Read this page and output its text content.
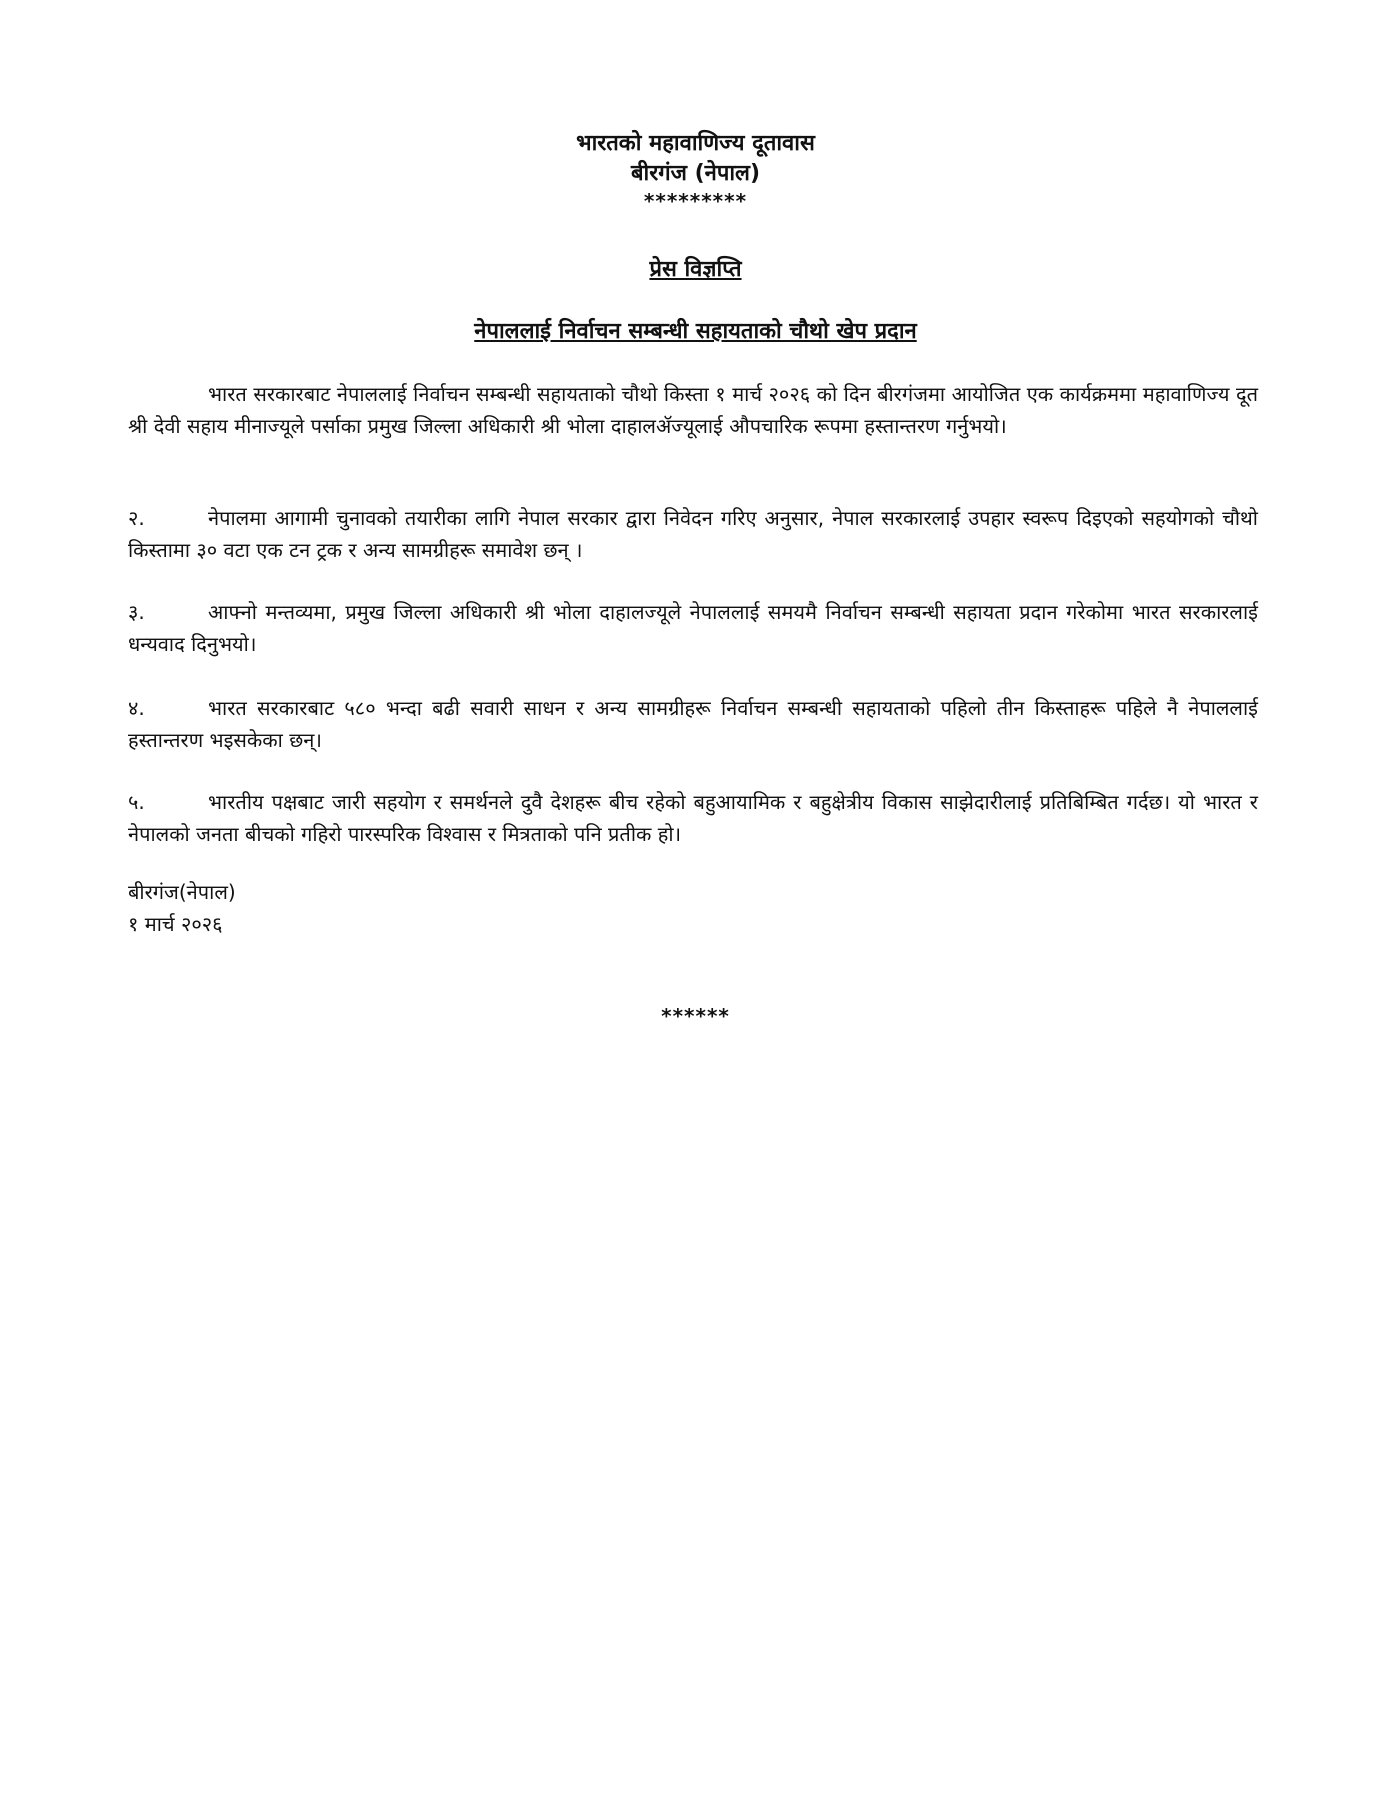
भारतको महावाणिज्य दूतावास
बीरगंज (नेपाल)
*********
प्रेस विज्ञप्ति
नेपाललाई निर्वाचन सम्बन्धी सहायताको चौथो खेप प्रदान
भारत सरकारबाट नेपाललाई निर्वाचन सम्बन्धी सहायताको चौथो किस्ता १ मार्च २०२६ को दिन बीरगंजमा आयोजित एक कार्यक्रममा महावाणिज्य दूत श्री देवी सहाय मीनाज्यूले पर्साका प्रमुख जिल्ला अधिकारी श्री भोला दाहालॲज्यूलाई औपचारिक रूपमा हस्तान्तरण गर्नुभयो।
२.	नेपालमा आगामी चुनावको तयारीका लागि नेपाल सरकार द्वारा निवेदन गरिए अनुसार, नेपाल सरकारलाई उपहार स्वरूप दिइएको सहयोगको चौथो किस्तामा ३० वटा एक टन ट्रक र अन्य सामग्रीहरू समावेश छन् ।
३.	आफ्नो मन्तव्यमा, प्रमुख जिल्ला अधिकारी श्री भोला दाहालज्यूले नेपाललाई समयमै निर्वाचन सम्बन्धी सहायता प्रदान गरेकोमा भारत सरकारलाई धन्यवाद दिनुभयो।
४.	भारत सरकारबाट ५८० भन्दा बढी सवारी साधन र अन्य सामग्रीहरू निर्वाचन सम्बन्धी सहायताको पहिलो तीन किस्ताहरू पहिले नै नेपाललाई हस्तान्तरण भइसकेका छन्।
५.	भारतीय पक्षबाट जारी सहयोग र समर्थनले दुवै देशहरू बीच रहेको बहुआयामिक र बहुक्षेत्रीय विकास साझेदारीलाई प्रतिबिम्बित गर्दछ। यो भारत र नेपालको जनता बीचको गहिरो पारस्परिक विश्वास र मित्रताको पनि प्रतीक हो।
बीरगंज(नेपाल)
१ मार्च २०२६
******
